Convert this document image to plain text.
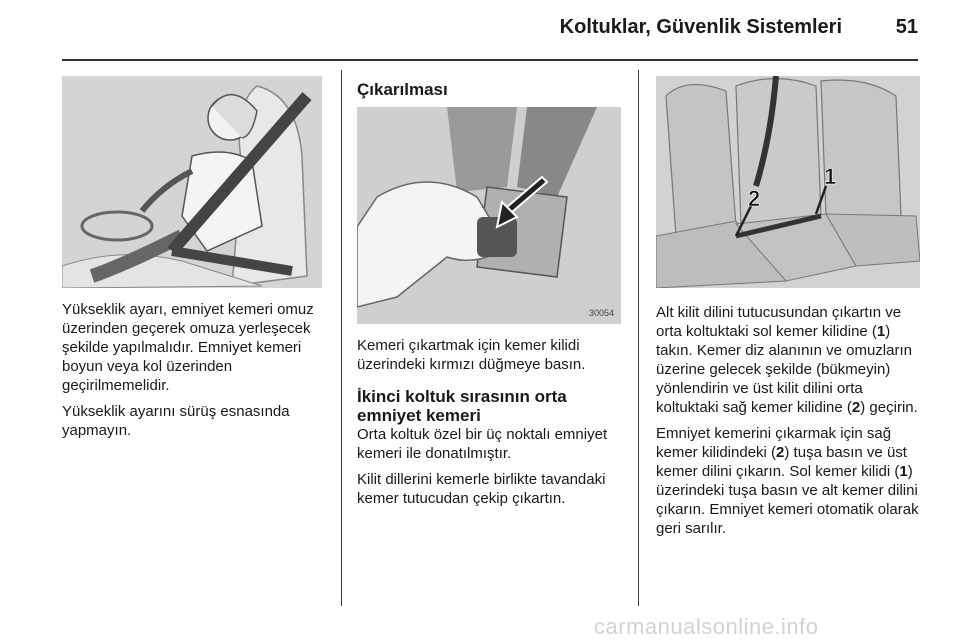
Koltuklar, Güvenlik Sistemleri	51

Yükseklik ayarı, emniyet kemeri omuz üzerinden geçerek omuza yerleşecek şekilde yapılmalıdır. Emniyet kemeri boyun veya kol üzerinden geçirilmemelidir.

Yükseklik ayarını sürüş esnasında yapmayın.

Çıkarılması
30054

Kemeri çıkartmak için kemer kilidi üzerindeki kırmızı düğmeye basın.

İkinci koltuk sırasının orta
emniyet kemeri

Orta koltuk özel bir üç noktalı emniyet kemeri ile donatılmıştır.

Kilit dillerini kemerle birlikte tavandaki kemer tutucudan çekip çıkartın.

2
1

Alt kilit dilini tutucusundan çıkartın ve orta koltuktaki sol kemer kilidine (1) takın. Kemer diz alanının ve omuzların üzerine gelecek şekilde (bükmeyin) yönlendirin ve üst kilit dilini orta koltuktaki sağ kemer kilidine (2) geçirin.

Emniyet kemerini çıkarmak için sağ kemer kilidindeki (2) tuşa basın ve üst kemer dilini çıkarın. Sol kemer kilidi (1) üzerindeki tuşa basın ve alt kemer dilini çıkarın. Emniyet kemeri otomatik olarak geri sarılır.

carmanualsonline.info
